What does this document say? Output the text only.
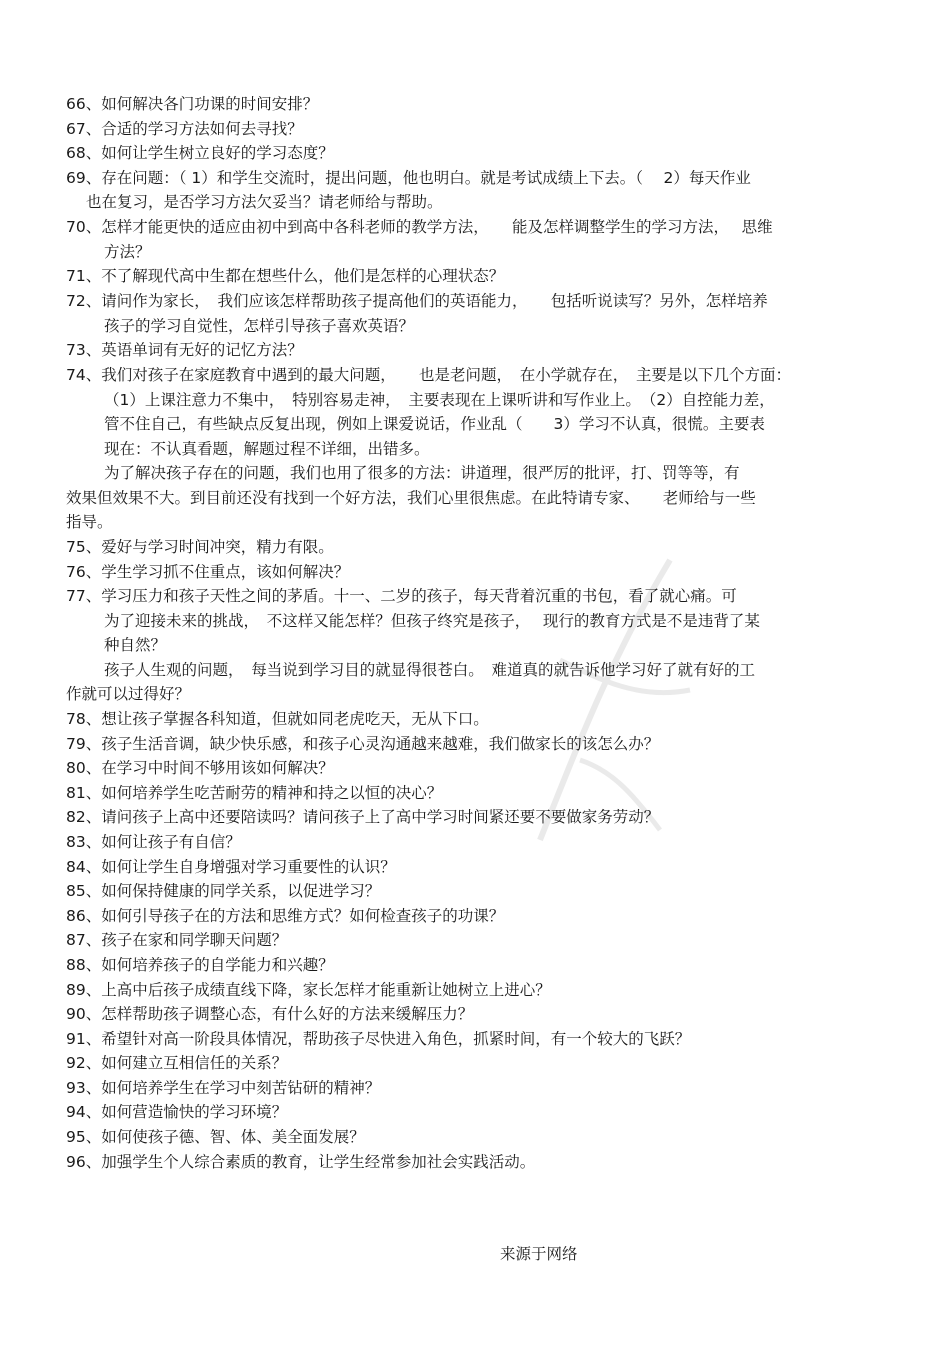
66、如何解决各门功课的时间安排？
67、合适的学习方法如何去寻找？
68、如何让学生树立良好的学习态度？
69、存在问题：（ 1）和学生交流时，提出问题，他也明白。就是考试成绩上下去。（　 2）每天作业
也在复习，是否学习方法欠妥当？请老师给与帮助。
70、怎样才能更快的适应由初中到高中各科老师的教学方法，　　能及怎样调整学生的学习方法，　 思维
方法？
71、不了解现代高中生都在想些什么，他们是怎样的心理状态？
72、请问作为家长，　我们应该怎样帮助孩子提高他们的英语能力，　　包括听说读写？另外，怎样培养
孩子的学习自觉性，怎样引导孩子喜欢英语？
73、英语单词有无好的记忆方法？
74、我们对孩子在家庭教育中遇到的最大问题，　　也是老问题，　在小学就存在，　主要是以下几个方面：
（1）上课注意力不集中，　特别容易走神，　主要表现在上课听讲和写作业上。　（2）自控能力差，
管不住自己，有些缺点反复出现，例如上课爱说话，作业乱（　　3）学习不认真，很慌。主要表
现在：不认真看题，解题过程不详细，出错多。
为了解决孩子存在的问题，我们也用了很多的方法：讲道理，很严厉的批评，打、罚等等，有
效果但效果不大。到目前还没有找到一个好方法，我们心里很焦虑。在此特请专家、　　老师给与一些
指导。
75、爱好与学习时间冲突，精力有限。
76、学生学习抓不住重点，该如何解决？
77、学习压力和孩子天性之间的茅盾。十一、二岁的孩子，每天背着沉重的书包，看了就心痛。可
为了迎接未来的挑战，　不这样又能怎样？但孩子终究是孩子，　 现行的教育方式是不是违背了某
种自然？
孩子人生观的问题，　每当说到学习目的就显得很苍白。　难道真的就告诉他学习好了就有好的工
作就可以过得好？
78、想让孩子掌握各科知道，但就如同老虎吃天，无从下口。
79、孩子生活音调，缺少快乐感，和孩子心灵沟通越来越难，我们做家长的该怎么办？
80、在学习中时间不够用该如何解决？
81、如何培养学生吃苦耐劳的精神和持之以恒的决心？
82、请问孩子上高中还要陪读吗？请问孩子上了高中学习时间紧还要不要做家务劳动？
83、如何让孩子有自信？
84、如何让学生自身增强对学习重要性的认识？
85、如何保持健康的同学关系，以促进学习？
86、如何引导孩子在的方法和思维方式？如何检查孩子的功课？
87、孩子在家和同学聊天问题？
88、如何培养孩子的自学能力和兴趣？
89、上高中后孩子成绩直线下降，家长怎样才能重新让她树立上进心？
90、怎样帮助孩子调整心态，有什么好的方法来缓解压力？
91、希望针对高一阶段具体情况，帮助孩子尽快进入角色，抓紧时间，有一个较大的飞跃？
92、如何建立互相信任的关系？
93、如何培养学生在学习中刻苦钻研的精神？
94、如何营造愉快的学习环境？
95、如何使孩子德、智、体、美全面发展？
96、加强学生个人综合素质的教育，让学生经常参加社会实践活动。
来源于网络
